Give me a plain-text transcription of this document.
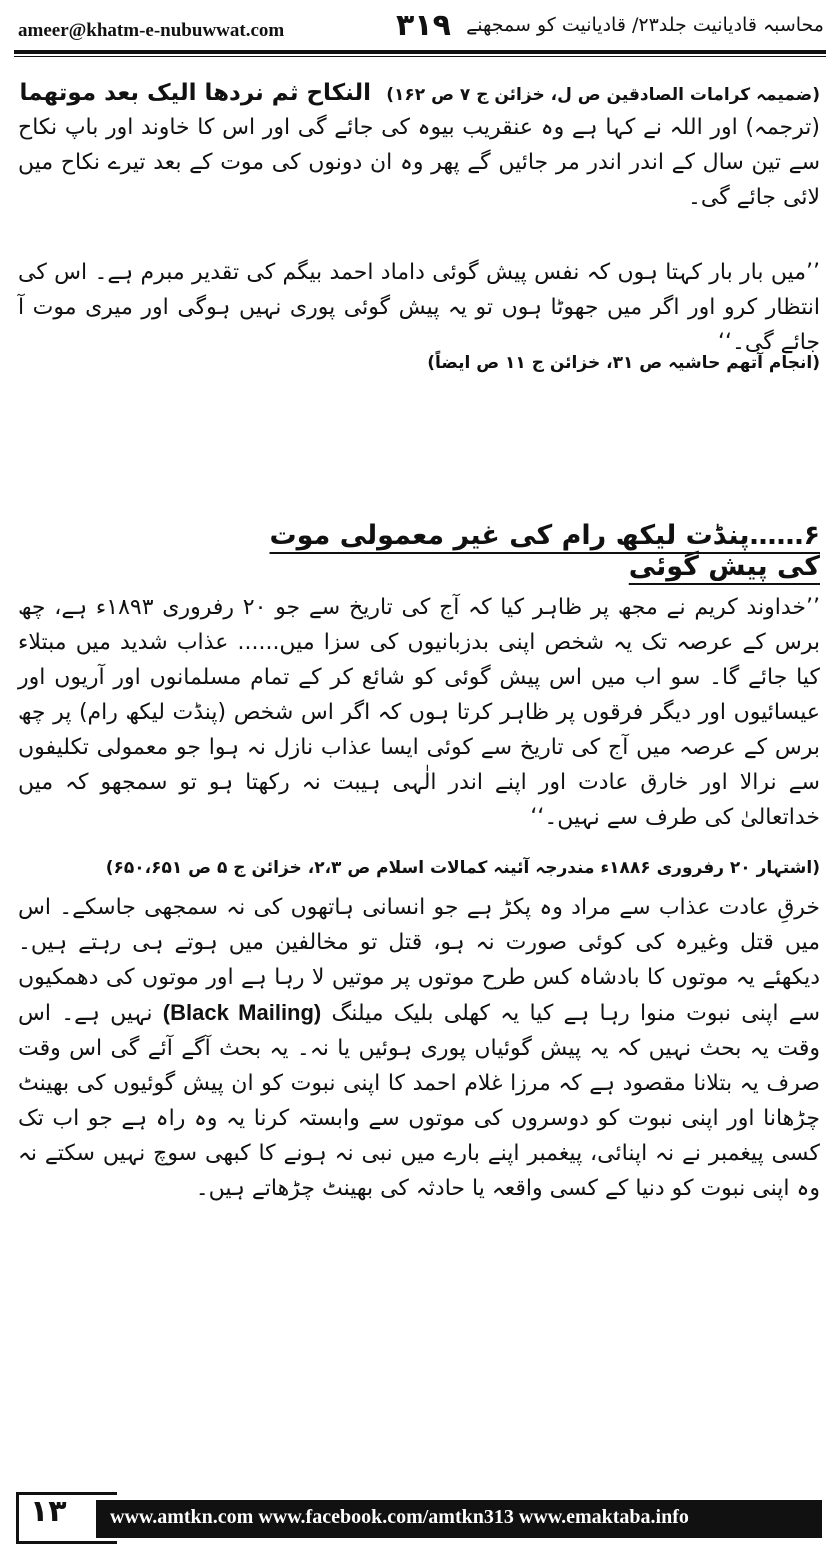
ameer@khatm-e-nubuwwat.com	۳۱۹ محاسبہ قادیانیت جلد۲۳/ قادیانیت کو سمجھنے
(ضمیمہ کرامات الصادقین ص ل، خزائن ج ۷ ص ۱۶۲)   النکاح ثم نردھا الیک بعد موتھما

(ترجمہ) اور اللہ نے کہا ہے وہ عنقریب بیوہ کی جائے گی اور اس کا خاوند اور باپ نکاح سے تین سال کے اندر اندر مر جائیں گے پھر وہ ان دونوں کی موت کے بعد تیرے نکاح میں لائی جائے گی۔

’’میں بار بار کہتا ہوں کہ نفس پیش گوئی داماد احمد بیگم کی تقدیر مبرم ہے۔ اس کی انتظار کرو اور اگر میں جھوٹا ہوں تو یہ پیش گوئی پوری نہیں ہوگی اور میری موت آ جائے گی۔‘‘

(انجام آتھم حاشیہ ص ۳۱، خزائن ج ۱۱ ص ایضاً)

۶……پنڈت لیکھ رام کی غیر معمولی موت کی پیش گوئی

’’خداوند کریم نے مجھ پر ظاہر کیا کہ آج کی تاریخ سے جو ۲۰ رفروری ۱۸۹۳ء ہے، چھ برس کے عرصہ تک یہ شخص اپنی بدزبانیوں کی سزا میں...... عذاب شدید میں مبتلاء کیا جائے گا۔ سو اب میں اس پیش گوئی کو شائع کر کے تمام مسلمانوں اور آریوں اور عیسائیوں اور دیگر فرقوں پر ظاہر کرتا ہوں کہ اگر اس شخص (پنڈت لیکھ رام) پر چھ برس کے عرصہ میں آج کی تاریخ سے کوئی ایسا عذاب نازل نہ ہوا جو معمولی تکلیفوں سے نرالا اور خارق عادت اور اپنے اندر الٰہی ہیبت نہ رکھتا ہو تو سمجھو کہ میں خداتعالیٰ کی طرف سے نہیں۔‘‘

(اشتہار ۲۰ رفروری ۱۸۸۶ء مندرجہ آئینہ کمالات اسلام ص ۲،۳، خزائن ج ۵ ص ۶۵۰،۶۵۱)

خرقِ عادت عذاب سے مراد وہ پکڑ ہے جو انسانی ہاتھوں کی نہ سمجھی جاسکے۔ اس میں قتل وغیرہ کی کوئی صورت نہ ہو، قتل تو مخالفین میں ہوتے ہی رہتے ہیں۔ دیکھئے یہ موتوں کا بادشاہ کس طرح موتوں پر موتیں لا رہا ہے اور موتوں کی دھمکیوں سے اپنی نبوت منوا رہا ہے کیا یہ کھلی بلیک میلنگ (Black Mailing) نہیں ہے۔ اس وقت یہ بحث نہیں کہ یہ پیش گوئیاں پوری ہوئیں یا نہ۔ یہ بحث آگے آئے گی اس وقت صرف یہ بتلانا مقصود ہے کہ مرزا غلام احمد کا اپنی نبوت کو ان پیش گوئیوں کی بھینٹ چڑھانا اور اپنی نبوت کو دوسروں کی موتوں سے وابستہ کرنا یہ وہ راہ ہے جو اب تک کسی پیغمبر نے نہ اپنائی، پیغمبر اپنے بارے میں نبی نہ ہونے کا کبھی سوچ نہیں سکتے نہ وہ اپنی نبوت کو دنیا کے کسی واقعہ یا حادثہ کی بھینٹ چڑھاتے ہیں۔

۱۳ www.amtkn.com www.facebook.com/amtkn313 www.emaktaba.info
